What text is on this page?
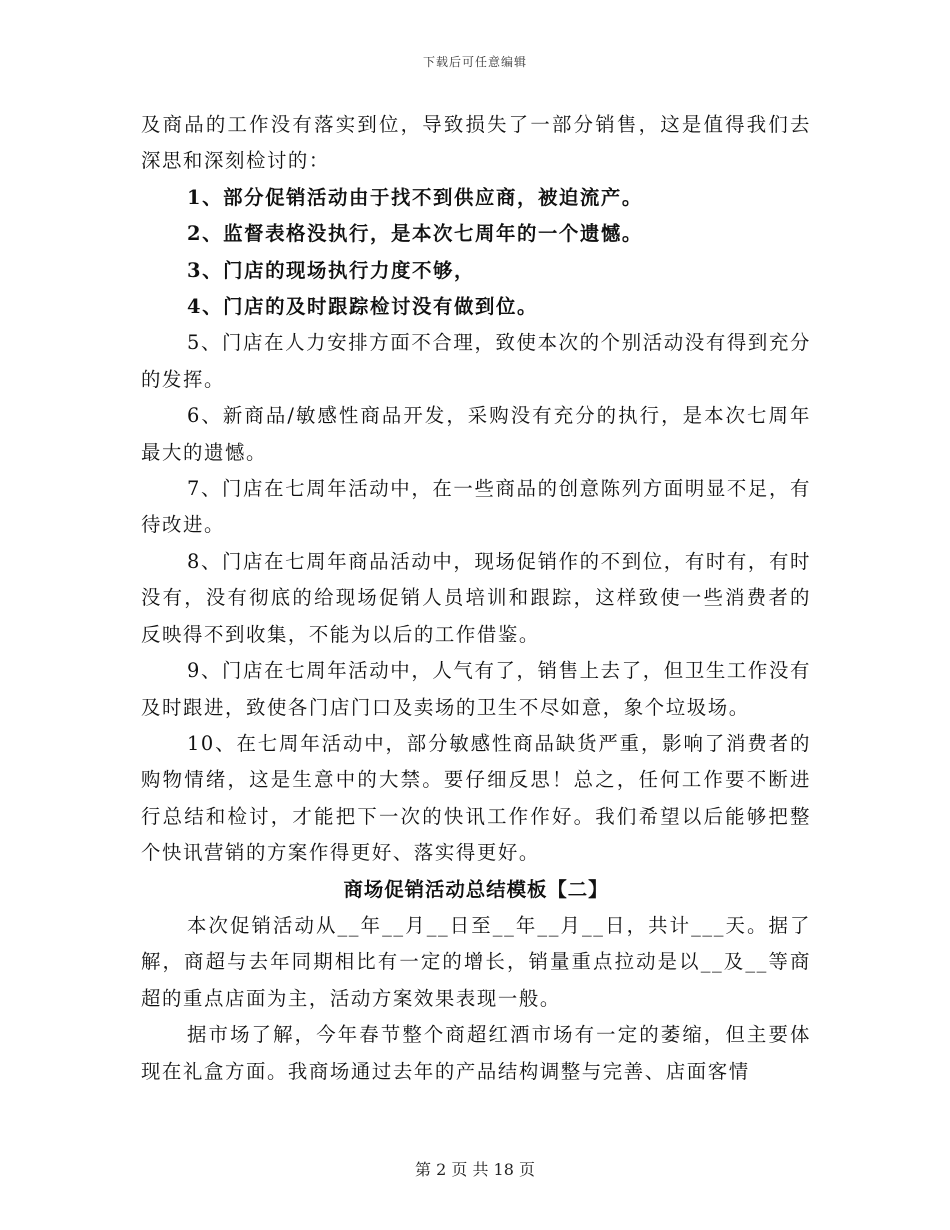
下载后可任意编辑

及商品的工作没有落实到位，导致损失了一部分销售，这是值得我们去深思和深刻检讨的：

1、部分促销活动由于找不到供应商，被迫流产。

2、监督表格没执行，是本次七周年的一个遗憾。

3、门店的现场执行力度不够，

4、门店的及时跟踪检讨没有做到位。

5、门店在人力安排方面不合理，致使本次的个别活动没有得到充分的发挥。

6、新商品/敏感性商品开发，采购没有充分的执行，是本次七周年最大的遗憾。

7、门店在七周年活动中，在一些商品的创意陈列方面明显不足，有待改进。

8、门店在七周年商品活动中，现场促销作的不到位，有时有，有时没有，没有彻底的给现场促销人员培训和跟踪，这样致使一些消费者的反映得不到收集，不能为以后的工作借鉴。

9、门店在七周年活动中，人气有了，销售上去了，但卫生工作没有及时跟进，致使各门店门口及卖场的卫生不尽如意，象个垃圾场。

10、在七周年活动中，部分敏感性商品缺货严重，影响了消费者的购物情绪，这是生意中的大禁。要仔细反思！总之，任何工作要不断进行总结和检讨，才能把下一次的快讯工作作好。我们希望以后能够把整个快讯营销的方案作得更好、落实得更好。

商场促销活动总结模板【二】

本次促销活动从__年__月__日至__年__月__日，共计___天。据了解，商超与去年同期相比有一定的增长，销量重点拉动是以__及__等商超的重点店面为主，活动方案效果表现一般。

据市场了解，今年春节整个商超红酒市场有一定的萎缩，但主要体现在礼盒方面。我商场通过去年的产品结构调整与完善、店面客情

第 2 页 共 18 页
